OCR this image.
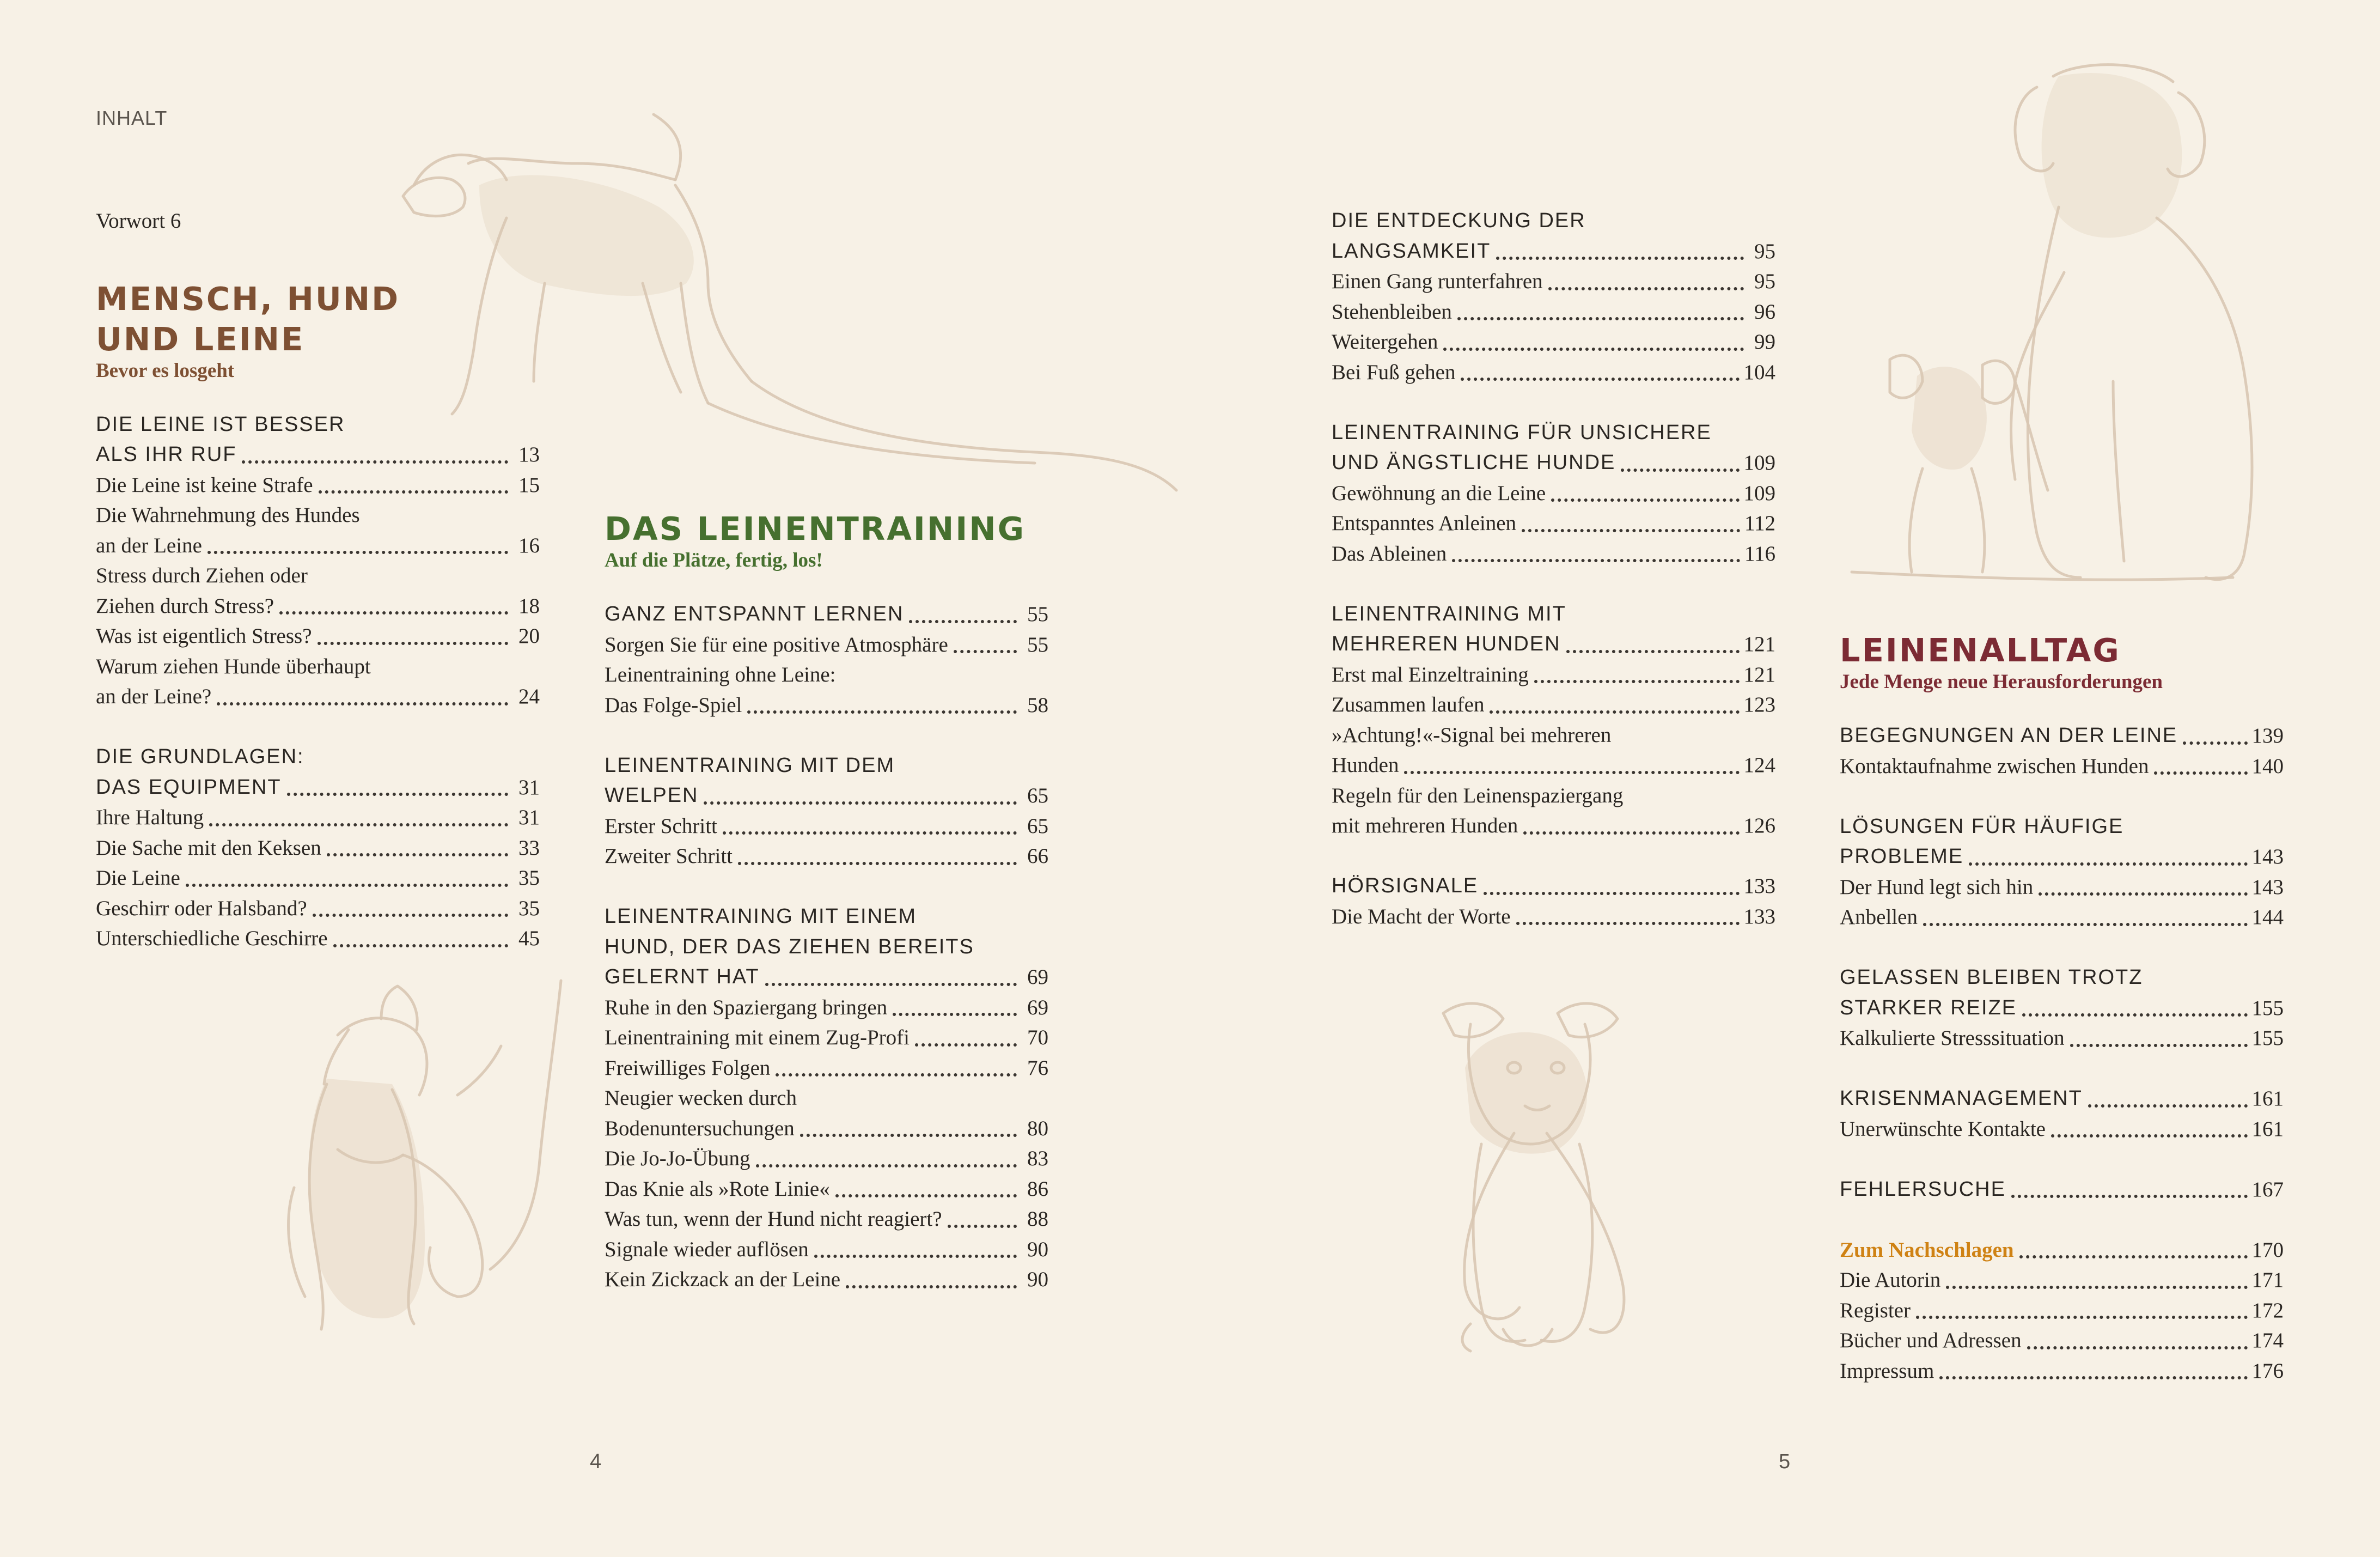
INHALT
Vorwort 6
MENSCH, HUND
UND LEINE
Bevor es losgeht
DIE LEINE IST BESSER
ALS IHR RUF	13
Die Leine ist keine Strafe	15
Die Wahrnehmung des Hundes
an der Leine	16
Stress durch Ziehen oder
Ziehen durch Stress?	18
Was ist eigentlich Stress?	20
Warum ziehen Hunde überhaupt
an der Leine?	24
DIE GRUNDLAGEN:
DAS EQUIPMENT	31
Ihre Haltung	31
Die Sache mit den Keksen	33
Die Leine	35
Geschirr oder Halsband?	35
Unterschiedliche Geschirre	45
DAS LEINENTRAINING
Auf die Plätze, fertig, los!
GANZ ENTSPANNT LERNEN	55
Sorgen Sie für eine positive Atmosphäre	55
Leinentraining ohne Leine:
Das Folge-Spiel	58
LEINENTRAINING MIT DEM
WELPEN	65
Erster Schritt	65
Zweiter Schritt	66
LEINENTRAINING MIT EINEM
HUND, DER DAS ZIEHEN BEREITS
GELERNT HAT	69
Ruhe in den Spaziergang bringen	69
Leinentraining mit einem Zug-Profi	70
Freiwilliges Folgen	76
Neugier wecken durch
Bodenuntersuchungen	80
Die Jo-Jo-Übung	83
Das Knie als »Rote Linie«	86
Was tun, wenn der Hund nicht reagiert?	88
Signale wieder auflösen	90
Kein Zickzack an der Leine	90
DIE ENTDECKUNG DER
LANGSAMKEIT	95
Einen Gang runterfahren	95
Stehenbleiben	96
Weitergehen	99
Bei Fuß gehen	104
LEINENTRAINING FÜR UNSICHERE
UND ÄNGSTLICHE HUNDE	109
Gewöhnung an die Leine	109
Entspanntes Anleinen	112
Das Ableinen	116
LEINENTRAINING MIT
MEHREREN HUNDEN	121
Erst mal Einzeltraining	121
Zusammen laufen	123
»Achtung!«-Signal bei mehreren
Hunden	124
Regeln für den Leinenspaziergang
mit mehreren Hunden	126
HÖRSIGNALE	133
Die Macht der Worte	133
LEINENALLTAG
Jede Menge neue Herausforderungen
BEGEGNUNGEN AN DER LEINE	139
Kontaktaufnahme zwischen Hunden	140
LÖSUNGEN FÜR HÄUFIGE
PROBLEME	143
Der Hund legt sich hin	143
Anbellen	144
GELASSEN BLEIBEN TROTZ
STARKER REIZE	155
Kalkulierte Stresssituation	155
KRISENMANAGEMENT	161
Unerwünschte Kontakte	161
FEHLERSUCHE	167
Zum Nachschlagen	170
Die Autorin	171
Register	172
Bücher und Adressen	174
Impressum	176
4	5
